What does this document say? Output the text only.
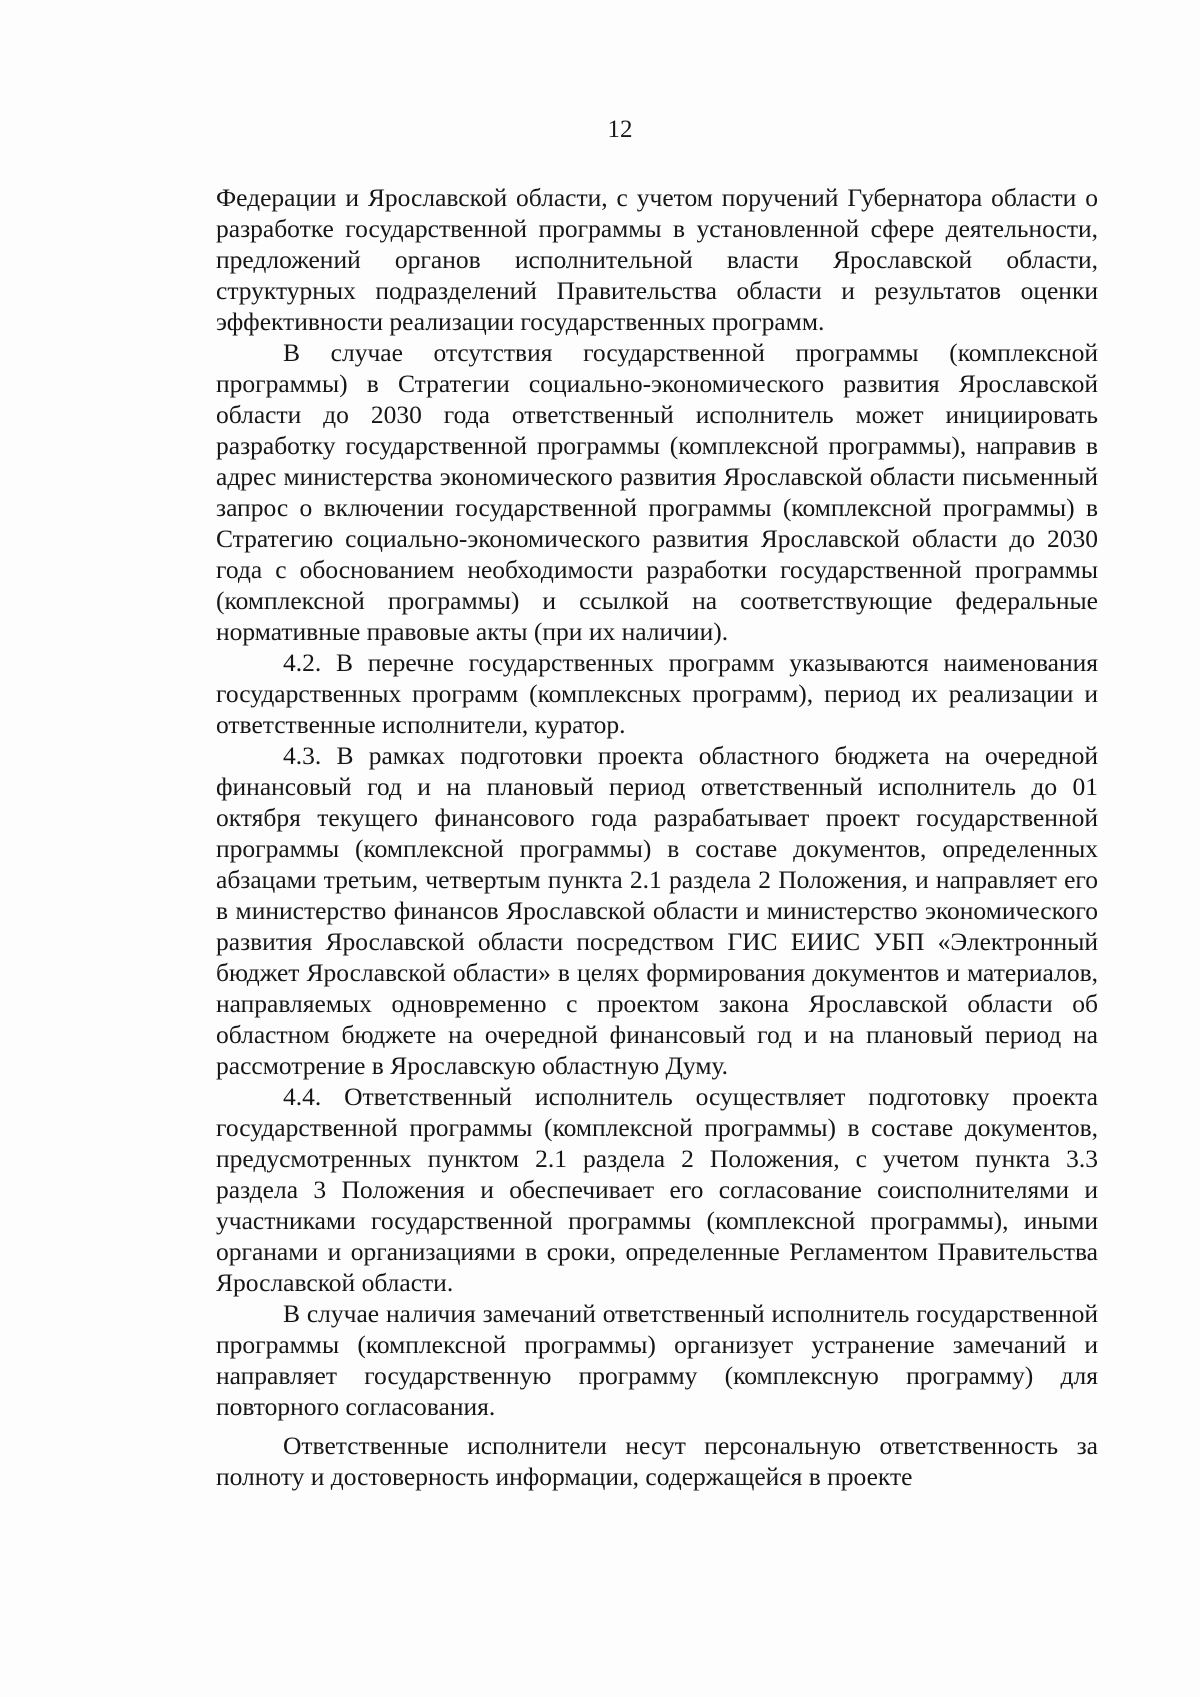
12

Федерации и Ярославской области, с учетом поручений Губернатора области о разработке государственной программы в установленной сфере деятельности, предложений органов исполнительной власти Ярославской области, структурных подразделений Правительства области и результатов оценки эффективности реализации государственных программ.

В случае отсутствия государственной программы (комплексной программы) в Стратегии социально-экономического развития Ярославской области до 2030 года ответственный исполнитель может инициировать разработку государственной программы (комплексной программы), направив в адрес министерства экономического развития Ярославской области письменный запрос о включении государственной программы (комплексной программы) в Стратегию социально-экономического развития Ярославской области до 2030 года с обоснованием необходимости разработки государственной программы (комплексной программы) и ссылкой на соответствующие федеральные нормативные правовые акты (при их наличии).

4.2. В перечне государственных программ указываются наименования государственных программ (комплексных программ), период их реализации и ответственные исполнители, куратор.

4.3. В рамках подготовки проекта областного бюджета на очередной финансовый год и на плановый период ответственный исполнитель до 01 октября текущего финансового года разрабатывает проект государственной программы (комплексной программы) в составе документов, определенных абзацами третьим, четвертым пункта 2.1 раздела 2 Положения, и направляет его в министерство финансов Ярославской области и министерство экономического развития Ярославской области посредством ГИС ЕИИС УБП «Электронный бюджет Ярославской области» в целях формирования документов и материалов, направляемых одновременно с проектом закона Ярославской области об областном бюджете на очередной финансовый год и на плановый период на рассмотрение в Ярославскую областную Думу.

4.4. Ответственный исполнитель осуществляет подготовку проекта государственной программы (комплексной программы) в составе документов, предусмотренных пунктом 2.1 раздела 2 Положения, с учетом пункта 3.3 раздела 3 Положения и обеспечивает его согласование соисполнителями и участниками государственной программы (комплексной программы), иными органами и организациями в сроки, определенные Регламентом Правительства Ярославской области.

В случае наличия замечаний ответственный исполнитель государственной программы (комплексной программы) организует устранение замечаний и направляет государственную программу (комплексную программу) для повторного согласования.

Ответственные исполнители несут персональную ответственность за полноту и достоверность информации, содержащейся в проекте
